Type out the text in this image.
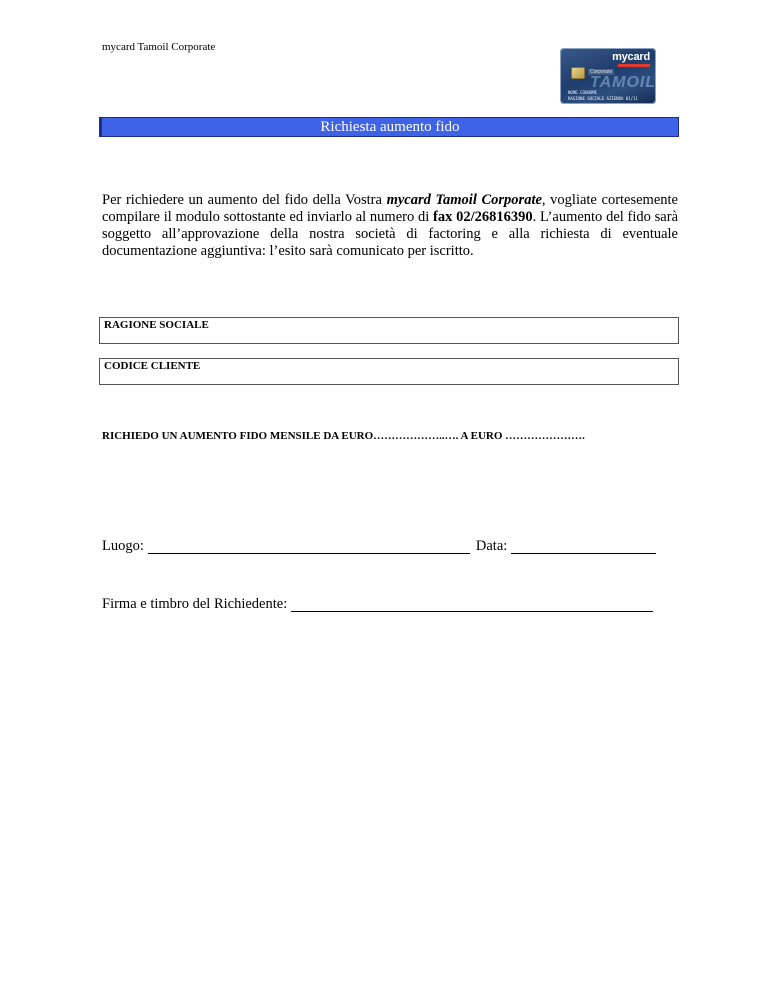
mycard Tamoil Corporate
mycard
Corporate
TAMOIL
NOME COGNOME
RAGIONE SOCIALE AZIENDA 01/11
Richiesta aumento fido
Per richiedere un aumento del fido della Vostra mycard Tamoil Corporate, vogliate cortesemente compilare il modulo sottostante ed inviarlo al numero di fax 02/26816390. L’aumento del fido sarà soggetto all’approvazione della nostra società di factoring e alla richiesta di eventuale documentazione aggiuntiva: l’esito sarà comunicato per iscritto.
RAGIONE SOCIALE
CODICE CLIENTE
RICHIEDO UN AUMENTO FIDO MENSILE DA EURO………………..…. A EURO ………………….
Luogo:	Data:
Firma e timbro del Richiedente:
